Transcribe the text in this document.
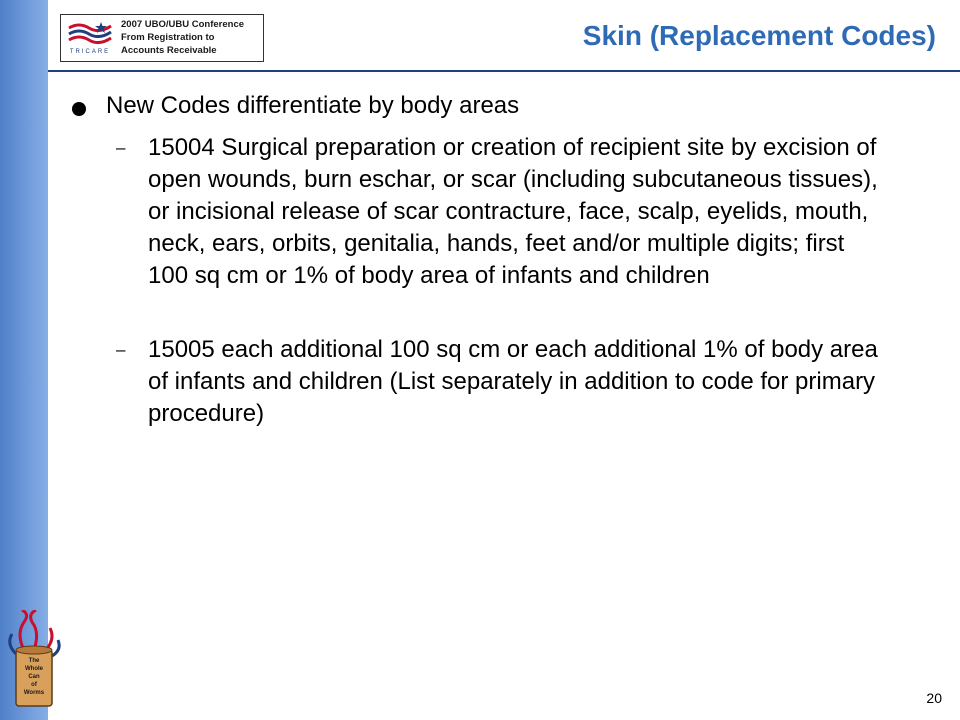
TRICARE
2007 UBO/UBU Conference
From Registration to
Accounts Receivable	Skin (Replacement Codes)
New Codes differentiate by body areas
– 15004 Surgical preparation or creation of recipient site by excision of open wounds, burn eschar, or scar (including subcutaneous tissues), or incisional release of scar contracture, face, scalp, eyelids, mouth, neck, ears, orbits, genitalia, hands, feet and/or multiple digits; first 100 sq cm or 1% of body area of infants and children
– 15005 each additional 100 sq cm or each additional 1% of body area of infants and children (List separately in addition to code for primary procedure)
The
Whole
Can
of
Worms	20
